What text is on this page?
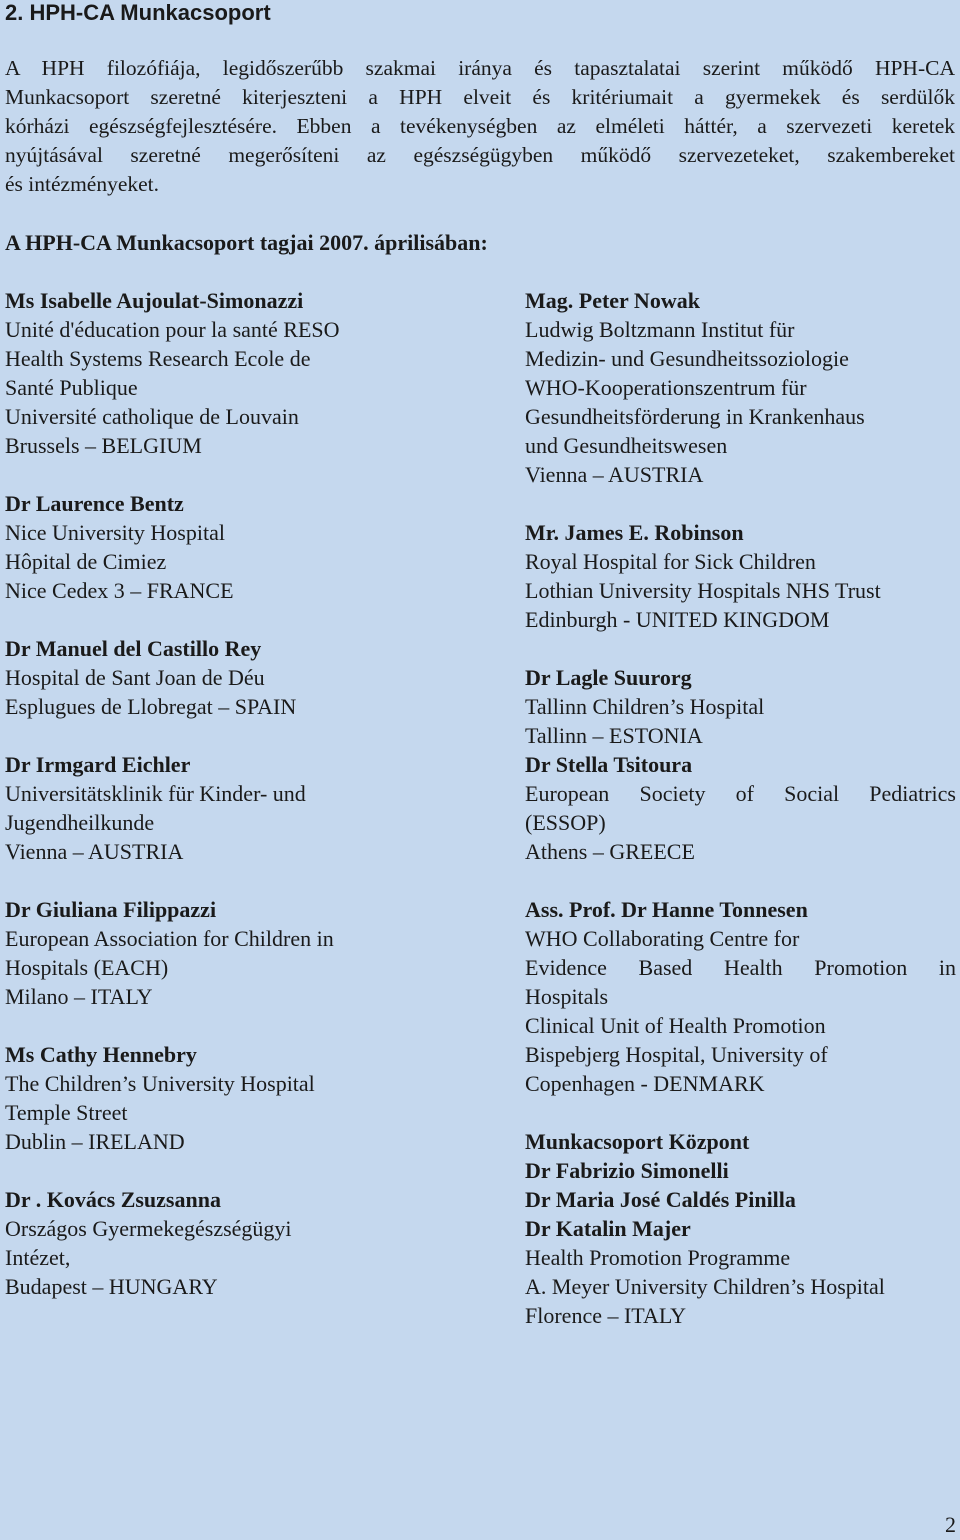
2. HPH-CA Munkacsoport
A HPH filozófiája, legidőszerűbb szakmai iránya és tapasztalatai szerint működő HPH-CA
Munkacsoport szeretné kiterjeszteni a HPH elveit és kritériumait a gyermekek és serdülők
kórházi egészségfejlesztésére. Ebben a tevékenységben az elméleti háttér, a szervezeti keretek
nyújtásával szeretné megerősíteni az egészségügyben működő szervezeteket, szakembereket
és intézményeket.
A HPH-CA Munkacsoport tagjai 2007. áprilisában:
Ms Isabelle Aujoulat-Simonazzi
Unité d'éducation pour la santé RESO
Health Systems Research Ecole de
Santé Publique
Université catholique de Louvain
Brussels – BELGIUM
Dr Laurence Bentz
Nice University Hospital
Hôpital de Cimiez
Nice Cedex 3 – FRANCE
Dr Manuel del Castillo Rey
Hospital de Sant Joan de Déu
Esplugues de Llobregat – SPAIN
Dr Irmgard Eichler
Universitätsklinik für Kinder- und
Jugendheilkunde
Vienna – AUSTRIA
Dr Giuliana Filippazzi
European Association for Children in
Hospitals (EACH)
Milano – ITALY
Ms Cathy Hennebry
The Children’s University Hospital
Temple Street
Dublin – IRELAND
Dr . Kovács Zsuzsanna
Országos Gyermekegészségügyi
Intézet,
Budapest – HUNGARY
Mag. Peter Nowak
Ludwig Boltzmann Institut für
Medizin- und Gesundheitssoziologie
WHO-Kooperationszentrum für
Gesundheitsförderung in Krankenhaus
und Gesundheitswesen
Vienna – AUSTRIA
Mr. James E. Robinson
Royal Hospital for Sick Children
Lothian University Hospitals NHS Trust
Edinburgh - UNITED KINGDOM
Dr Lagle Suurorg
Tallinn Children’s Hospital
Tallinn – ESTONIA
Dr Stella Tsitoura
European Society of Social Pediatrics
(ESSOP)
Athens – GREECE
Ass. Prof. Dr Hanne Tonnesen
WHO Collaborating Centre for
Evidence Based Health Promotion in
Hospitals
Clinical Unit of Health Promotion
Bispebjerg Hospital, University of
Copenhagen - DENMARK
Munkacsoport Központ
Dr Fabrizio Simonelli
Dr Maria José Caldés Pinilla
Dr Katalin Majer
Health Promotion Programme
A. Meyer University Children’s Hospital
Florence – ITALY
2
